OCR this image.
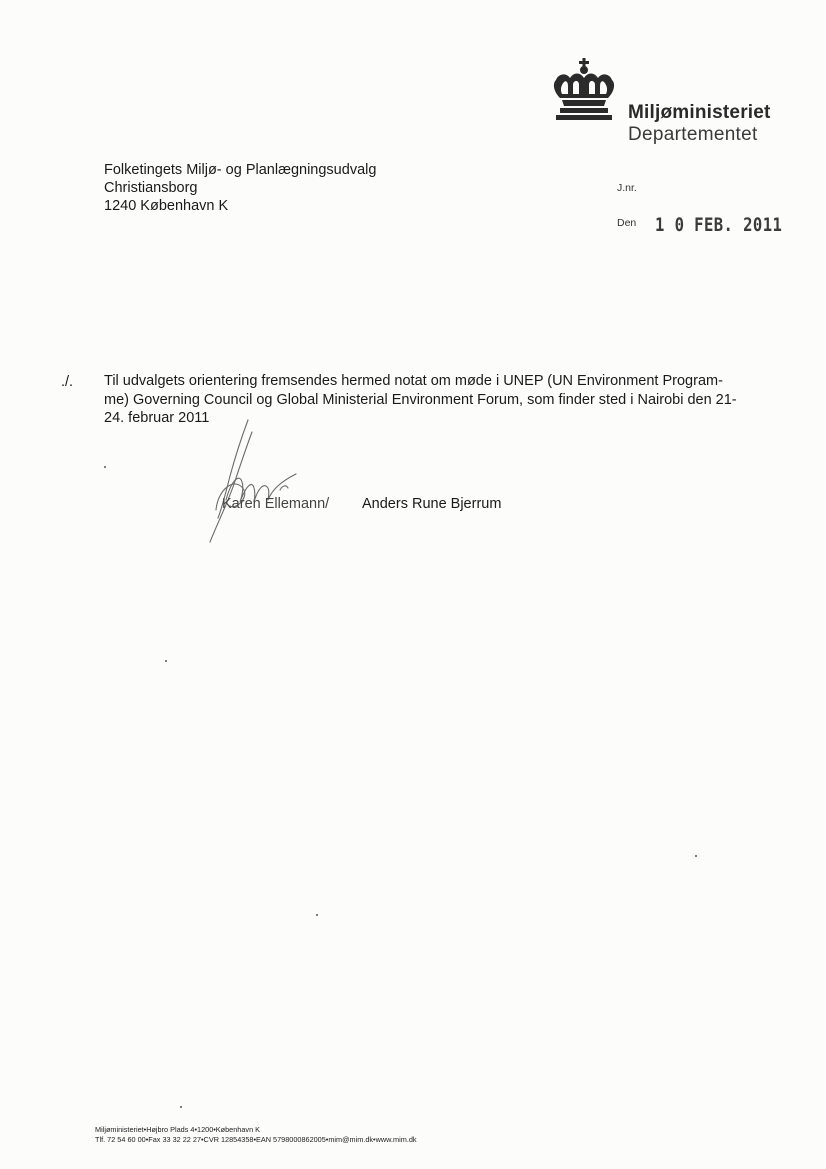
Miljøministeriet
Departementet
Folketingets Miljø- og Planlægningsudvalg
Christiansborg
1240 København K
J.nr.
Den 1 0 FEB. 2011
./. Til udvalgets orientering fremsendes hermed notat om møde i UNEP (UN Environment Program-
me) Governing Council og Global Ministerial Environment Forum, som finder sted i Nairobi den 21-
24. februar 2011
Karen Ellemann/ Anders Rune Bjerrum
Miljøministeriet•Højbro Plads 4•1200•København K
Tlf. 72 54 60 00•Fax 33 32 22 27•CVR 12854358•EAN 5798000862005•mim@mim.dk•www.mim.dk
